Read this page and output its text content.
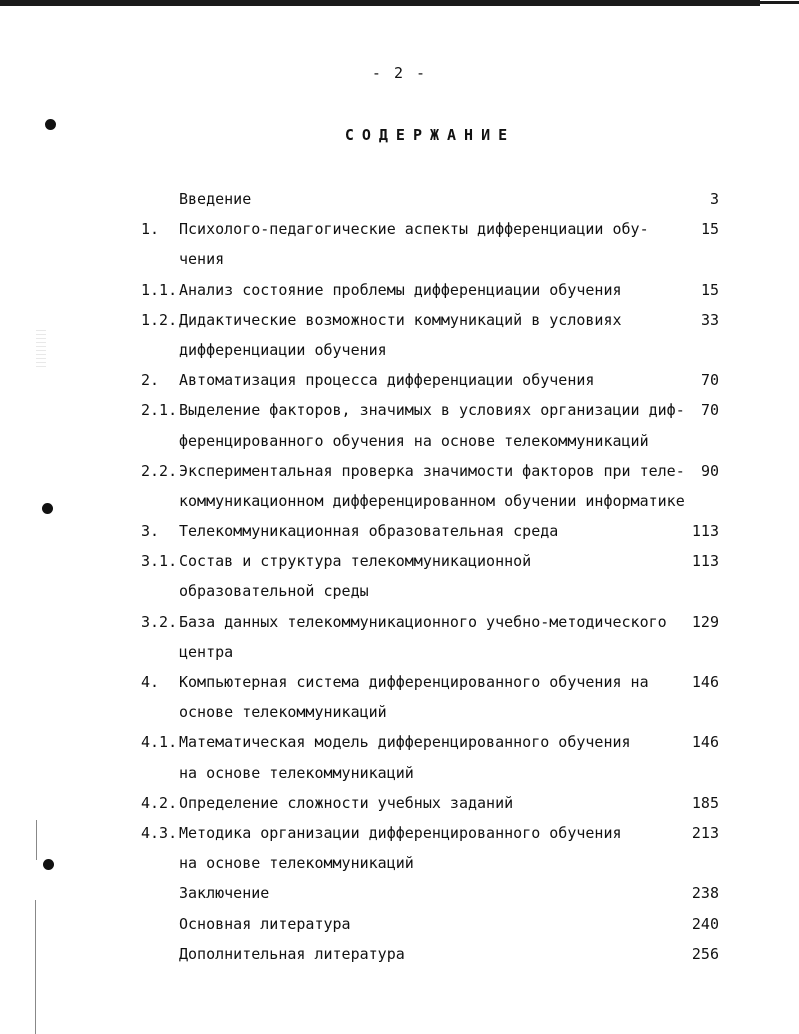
- 2 -
СОДЕРЖАНИЕ
Введение	3
1. Психолого-педагогические аспекты дифференциации обу-	15
чения
1.1. Анализ состояние проблемы дифференциации обучения	15
1.2. Дидактические возможности коммуникаций в условиях	33
дифференциации обучения
2. Автоматизация процесса дифференциации обучения	70
2.1. Выделение факторов, значимых в условиях организации диф-	70
ференцированного обучения на основе телекоммуникаций
2.2. Экспериментальная проверка значимости факторов при теле-	90
коммуникационном дифференцированном обучении информатике
3. Телекоммуникационная образовательная среда	113
3.1. Состав и структура телекоммуникационной	113
образовательной среды
3.2. База данных телекоммуникационного учебно-методического	129
центра
4. Компьютерная система дифференцированного обучения на	146
основе телекоммуникаций
4.1. Математическая модель дифференцированного обучения	146
на основе телекоммуникаций
4.2. Определение сложности учебных заданий	185
4.3. Методика организации дифференцированного обучения	213
на основе телекоммуникаций
Заключение	238
Основная литература	240
Дополнительная литература	256
